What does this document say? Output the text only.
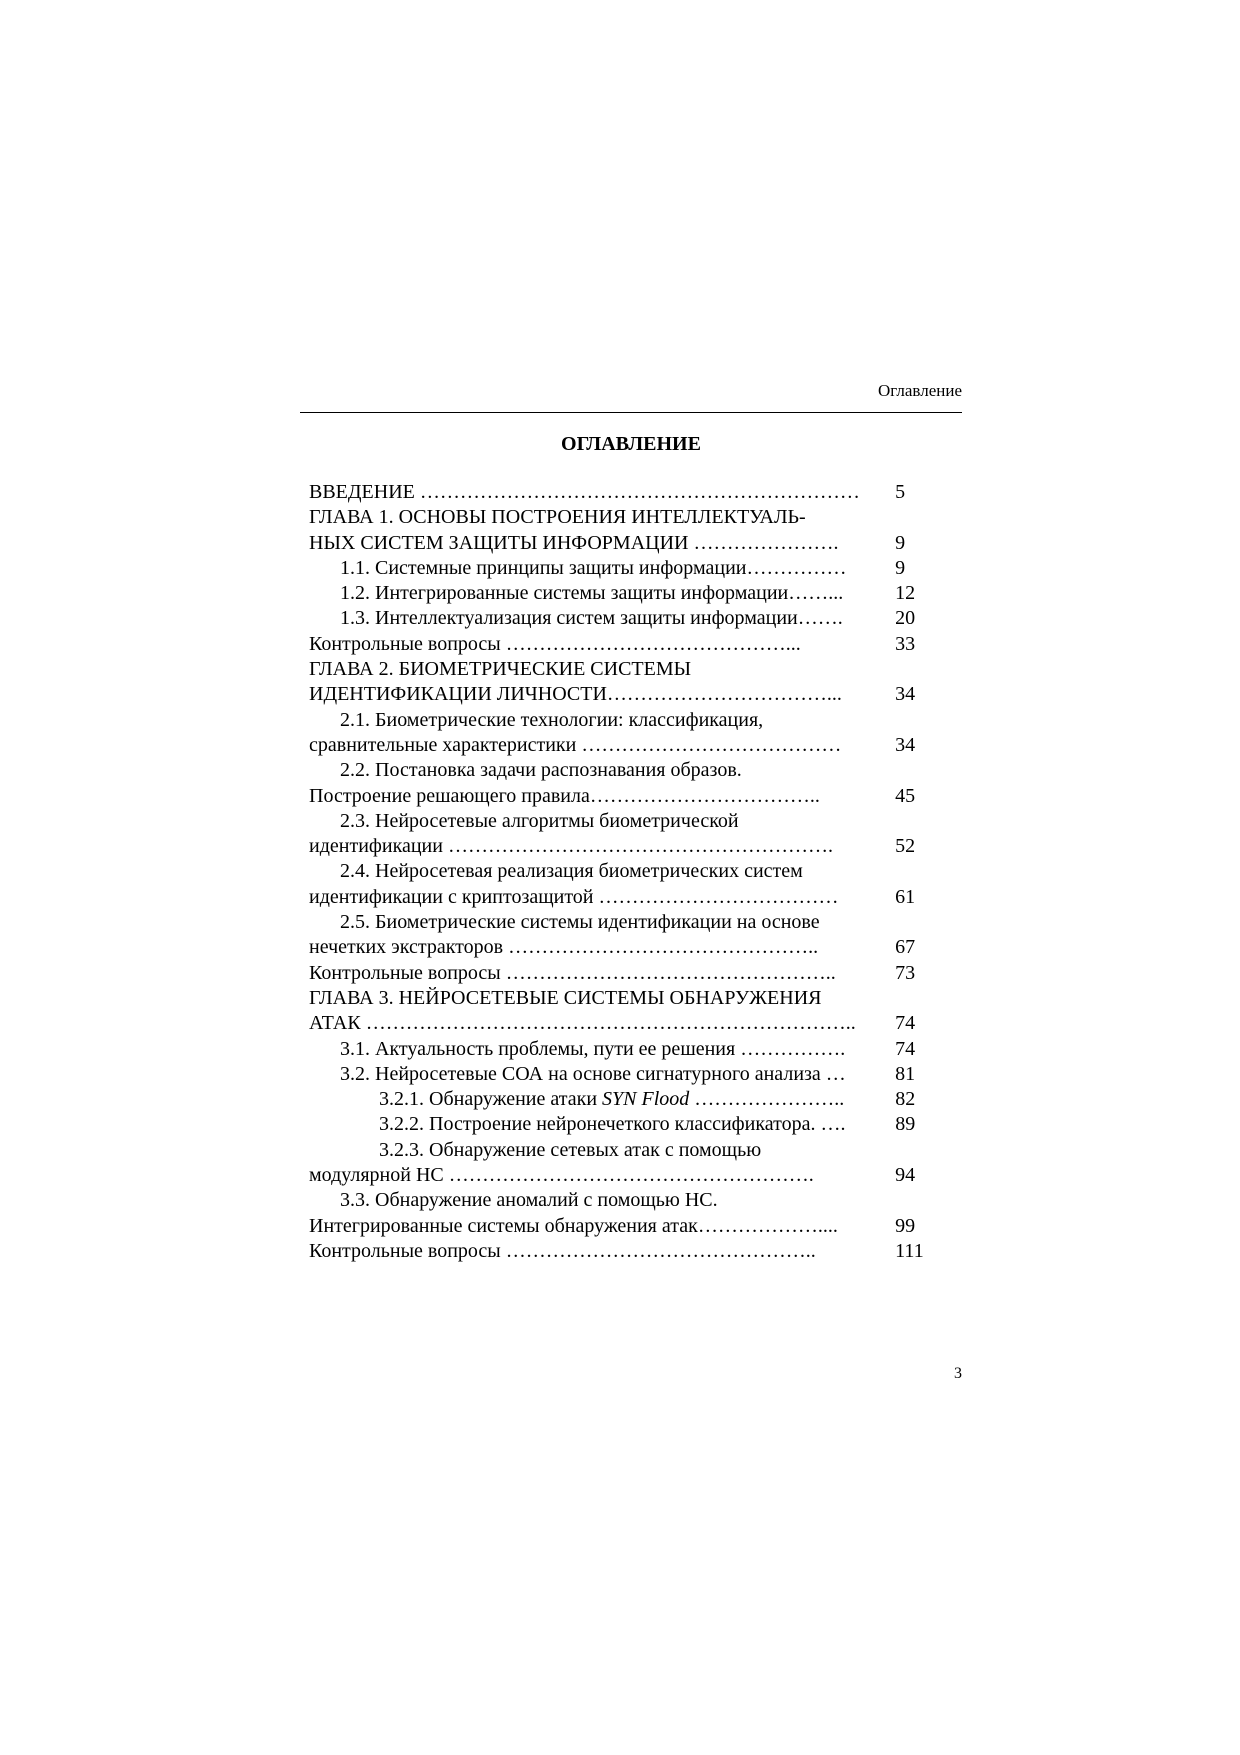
Оглавление
ОГЛАВЛЕНИЕ
ВВЕДЕНИЕ …………………………………………………………	5
ГЛАВА 1. ОСНОВЫ ПОСТРОЕНИЯ ИНТЕЛЛЕКТУАЛЬ-
НЫХ СИСТЕМ ЗАЩИТЫ ИНФОРМАЦИИ ………………….	9
1.1. Системные принципы защиты информации……………	9
1.2. Интегрированные системы защиты информации……...	12
1.3. Интеллектуализация систем защиты информации…….	20
Контрольные вопросы ……………………………………...	33
ГЛАВА 2. БИОМЕТРИЧЕСКИЕ СИСТЕМЫ
ИДЕНТИФИКАЦИИ ЛИЧНОСТИ……………………………...	34
2.1. Биометрические технологии: классификация,
сравнительные характеристики …………………………………	34
2.2. Постановка задачи распознавания образов.
Построение решающего правила……………………………..	45
2.3. Нейросетевые алгоритмы биометрической
идентификации ………………………………………………….	52
2.4. Нейросетевая реализация биометрических систем
идентификации с криптозащитой ………………………………	61
2.5. Биометрические системы идентификации на основе
нечетких экстракторов ………………………………………..	67
Контрольные вопросы …………………………………………..	73
ГЛАВА 3. НЕЙРОСЕТЕВЫЕ СИСТЕМЫ ОБНАРУЖЕНИЯ
АТАК ………………………………………………………………..	74
3.1. Актуальность проблемы, пути ее решения …………….	74
3.2. Нейросетевые СОА на основе сигнатурного анализа …	81
3.2.1. Обнаружение атаки SYN Flood …………………..	82
3.2.2. Построение нейронечеткого классификатора. ….	89
3.2.3. Обнаружение сетевых атак с помощью
модулярной НС ……………………………………………….	94
3.3. Обнаружение аномалий с помощью НС.
Интегрированные системы обнаружения атак………………....	99
Контрольные вопросы ………………………………………..	111
3
